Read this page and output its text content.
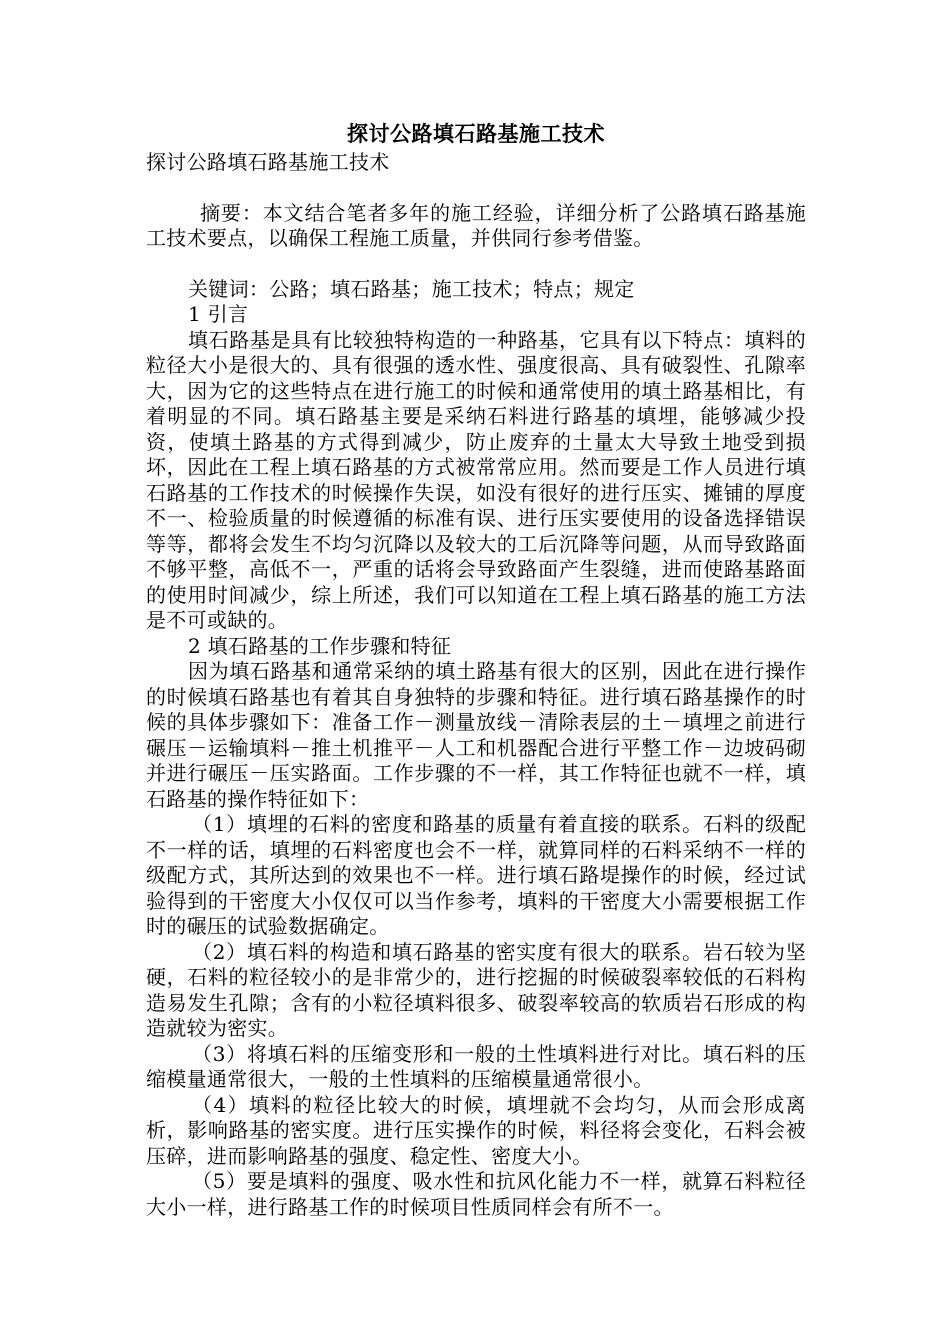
探讨公路填石路基施工技术

探讨公路填石路基施工技术

摘要：本文结合笔者多年的施工经验，详细分析了公路填石路基施工技术要点，以确保工程施工质量，并供同行参考借鉴。

关键词：公路；填石路基；施工技术；特点；规定

1 引言

填石路基是具有比较独特构造的一种路基，它具有以下特点：填料的粒径大小是很大的、具有很强的透水性、强度很高、具有破裂性、孔隙率大，因为它的这些特点在进行施工的时候和通常使用的填土路基相比，有着明显的不同。填石路基主要是采纳石料进行路基的填埋，能够减少投资，使填土路基的方式得到减少，防止废弃的土量太大导致土地受到损坏，因此在工程上填石路基的方式被常常应用。然而要是工作人员进行填石路基的工作技术的时候操作失误，如没有很好的进行压实、摊铺的厚度不一、检验质量的时候遵循的标准有误、进行压实要使用的设备选择错误等等，都将会发生不均匀沉降以及较大的工后沉降等问题，从而导致路面不够平整，高低不一，严重的话将会导致路面产生裂缝，进而使路基路面的使用时间减少，综上所述，我们可以知道在工程上填石路基的施工方法是不可或缺的。

2 填石路基的工作步骤和特征

因为填石路基和通常采纳的填土路基有很大的区别，因此在进行操作的时候填石路基也有着其自身独特的步骤和特征。进行填石路基操作的时候的具体步骤如下：准备工作－测量放线－清除表层的土－填埋之前进行碾压－运输填料－推土机推平－人工和机器配合进行平整工作－边坡码砌并进行碾压－压实路面。工作步骤的不一样，其工作特征也就不一样，填石路基的操作特征如下：

（1）填埋的石料的密度和路基的质量有着直接的联系。石料的级配不一样的话，填埋的石料密度也会不一样，就算同样的石料采纳不一样的级配方式，其所达到的效果也不一样。进行填石路堤操作的时候，经过试验得到的干密度大小仅仅可以当作参考，填料的干密度大小需要根据工作时的碾压的试验数据确定。

（2）填石料的构造和填石路基的密实度有很大的联系。岩石较为坚硬，石料的粒径较小的是非常少的，进行挖掘的时候破裂率较低的石料构造易发生孔隙；含有的小粒径填料很多、破裂率较高的软质岩石形成的构造就较为密实。

（3）将填石料的压缩变形和一般的土性填料进行对比。填石料的压缩模量通常很大，一般的土性填料的压缩模量通常很小。

（4）填料的粒径比较大的时候，填埋就不会均匀，从而会形成离析，影响路基的密实度。进行压实操作的时候，料径将会变化，石料会被压碎，进而影响路基的强度、稳定性、密度大小。

（5）要是填料的强度、吸水性和抗风化能力不一样，就算石料粒径大小一样，进行路基工作的时候项目性质同样会有所不一。
